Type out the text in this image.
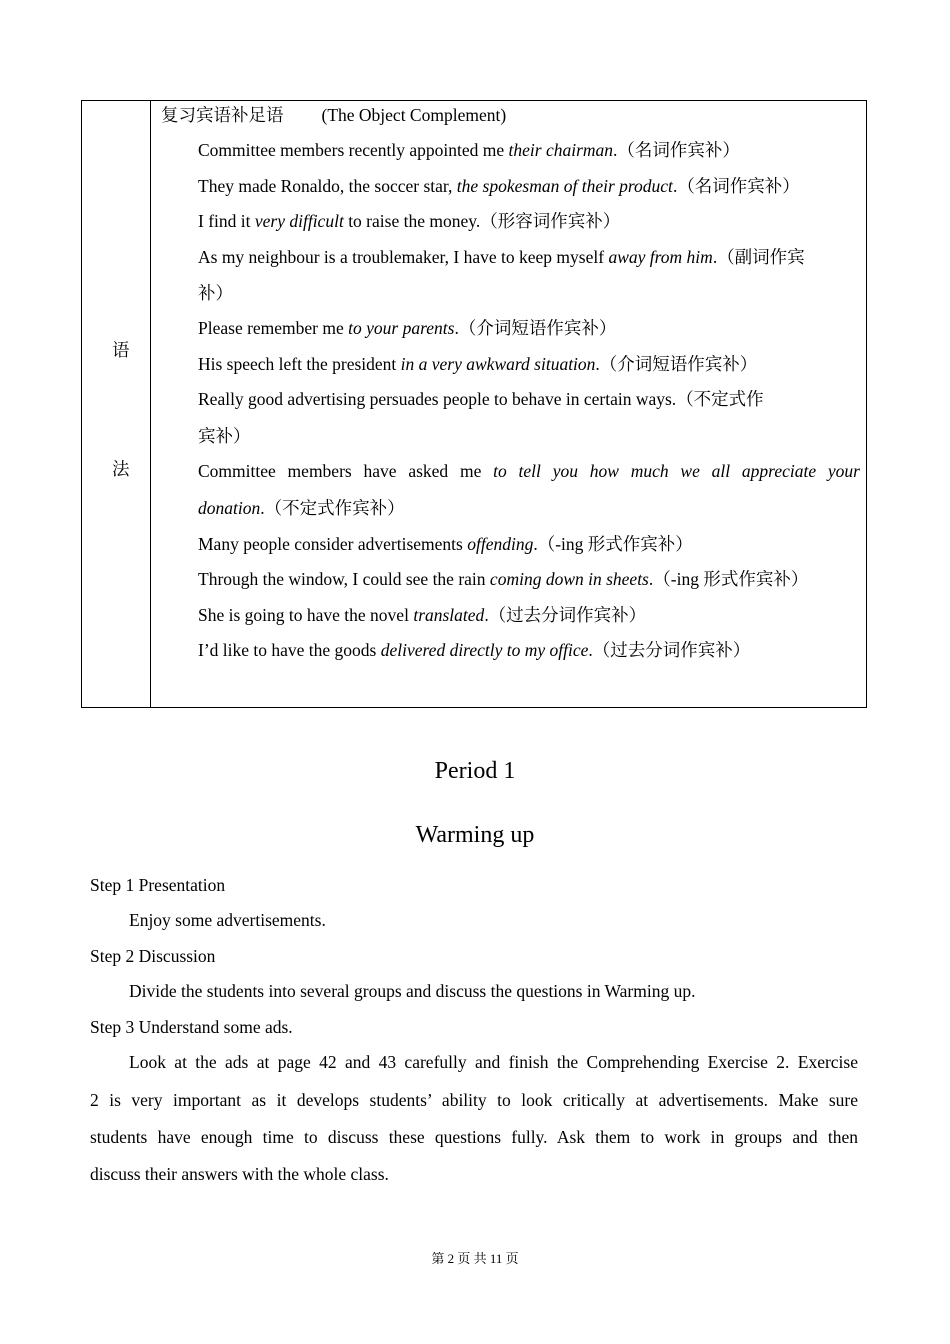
语
法
复习宾语补足语 (The Object Complement)
Committee members recently appointed me their chairman.（名词作宾补）
They made Ronaldo, the soccer star, the spokesman of their product.（名词作宾补）
I find it very difficult to raise the money.（形容词作宾补）
As my neighbour is a troublemaker, I have to keep myself away from him.（副词作宾
补）
Please remember me to your parents.（介词短语作宾补）
His speech left the president in a very awkward situation.（介词短语作宾补）
Really good advertising persuades people to behave in certain ways.（不定式作
宾补）
Committee members have asked me to tell you how much we all appreciate your
donation.（不定式作宾补）
Many people consider advertisements offending.（-ing 形式作宾补）
Through the window, I could see the rain coming down in sheets.（-ing 形式作宾补）
She is going to have the novel translated.（过去分词作宾补）
I’d like to have the goods delivered directly to my office.（过去分词作宾补）
Period 1
Warming up
Step 1 Presentation
Enjoy some advertisements.
Step 2 Discussion
Divide the students into several groups and discuss the questions in Warming up.
Step 3 Understand some ads.
Look at the ads at page 42 and 43 carefully and finish the Comprehending Exercise 2. Exercise
2 is very important as it develops students’ ability to look critically at advertisements. Make sure
students have enough time to discuss these questions fully. Ask them to work in groups and then
discuss their answers with the whole class.
第 2 页 共 11 页
